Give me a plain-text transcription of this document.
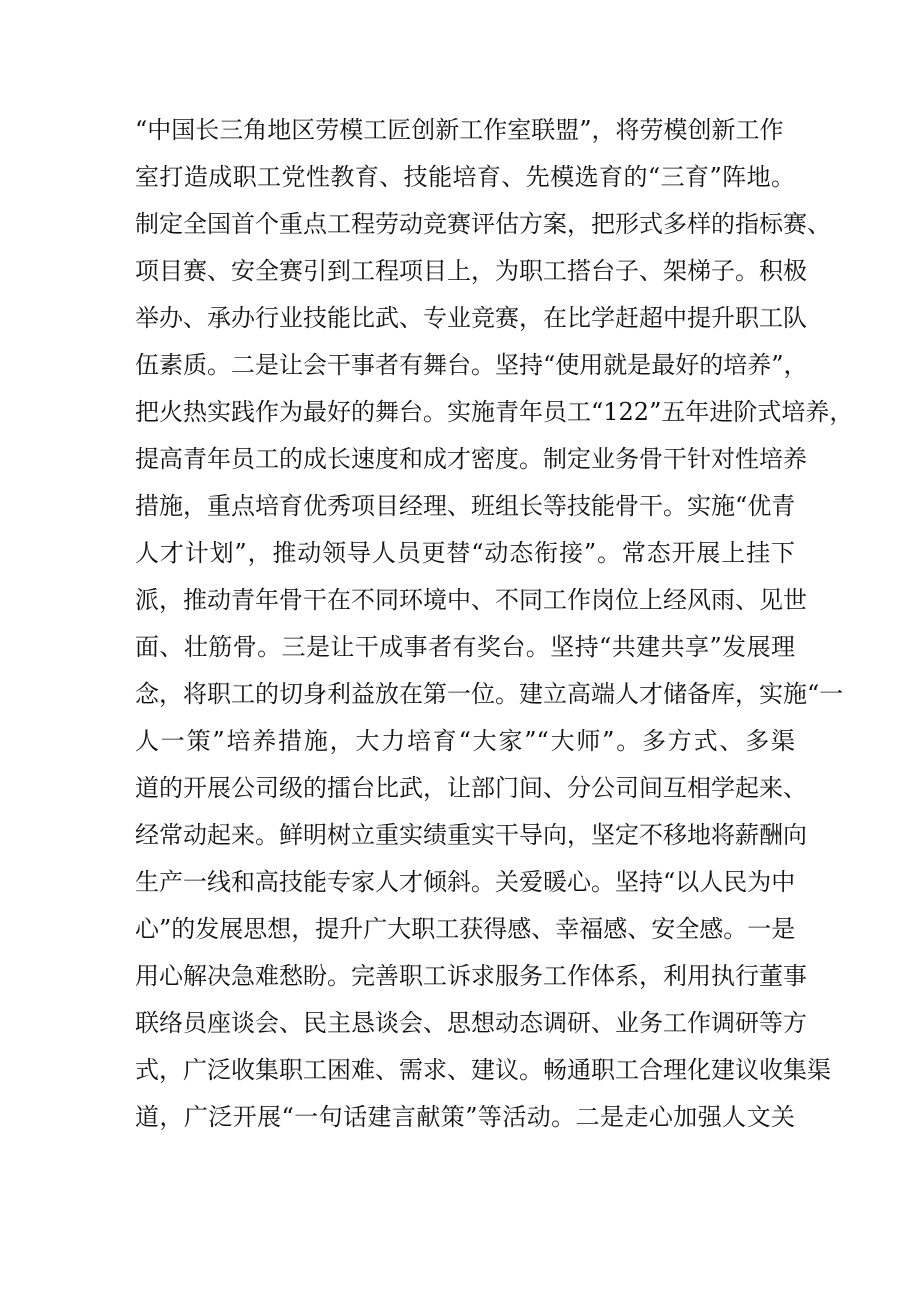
“中国长三角地区劳模工匠创新工作室联盟”，将劳模创新工作
室打造成职工党性教育、技能培育、先模选育的“三育”阵地。
制定全国首个重点工程劳动竞赛评估方案，把形式多样的指标赛、
项目赛、安全赛引到工程项目上，为职工搭台子、架梯子。积极
举办、承办行业技能比武、专业竞赛，在比学赶超中提升职工队
伍素质。二是让会干事者有舞台。坚持“使用就是最好的培养”，
把火热实践作为最好的舞台。实施青年员工“122”五年进阶式培养，
提高青年员工的成长速度和成才密度。制定业务骨干针对性培养
措施，重点培育优秀项目经理、班组长等技能骨干。实施“优青
人才计划”，推动领导人员更替“动态衔接”。常态开展上挂下
派，推动青年骨干在不同环境中、不同工作岗位上经风雨、见世
面、壮筋骨。三是让干成事者有奖台。坚持“共建共享”发展理
念，将职工的切身利益放在第一位。建立高端人才储备库，实施“一
人一策”培养措施，大力培育“大家”“大师”。多方式、多渠
道的开展公司级的擂台比武，让部门间、分公司间互相学起来、
经常动起来。鲜明树立重实绩重实干导向，坚定不移地将薪酬向
生产一线和高技能专家人才倾斜。关爱暖心。坚持“以人民为中
心”的发展思想，提升广大职工获得感、幸福感、安全感。一是
用心解决急难愁盼。完善职工诉求服务工作体系，利用执行董事
联络员座谈会、民主恳谈会、思想动态调研、业务工作调研等方
式，广泛收集职工困难、需求、建议。畅通职工合理化建议收集渠
道，广泛开展“一句话建言献策”等活动。二是走心加强人文关
